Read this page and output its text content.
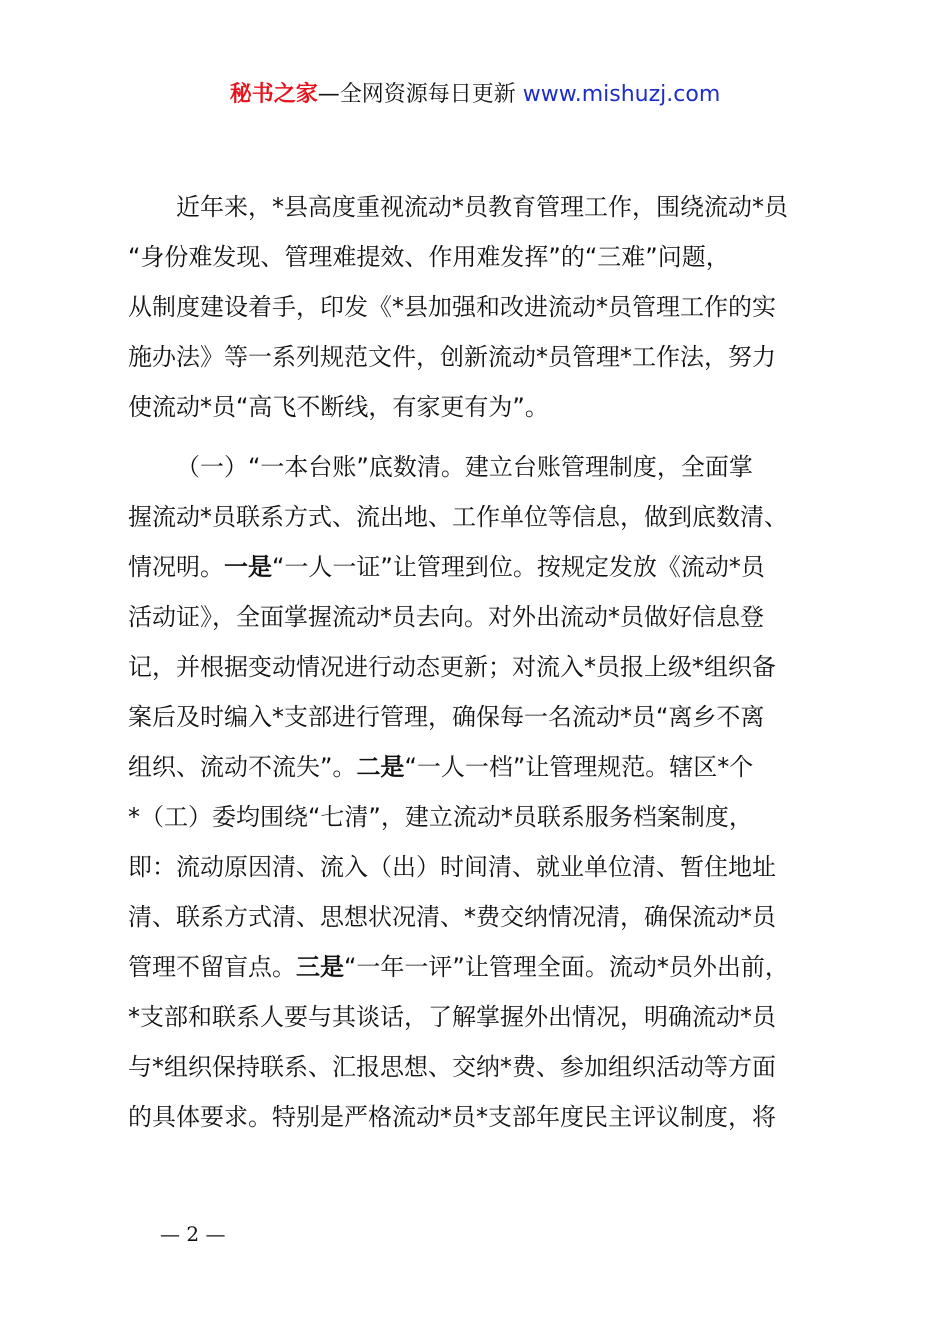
秘书之家—全网资源每日更新 www.mishuzj.com
近年来，*县高度重视流动*员教育管理工作，围绕流动*员
“身份难发现、管理难提效、作用难发挥”的“三难”问题，
从制度建设着手，印发《*县加强和改进流动*员管理工作的实
施办法》等一系列规范文件，创新流动*员管理*工作法，努力
使流动*员“高飞不断线，有家更有为”。
（一）“一本台账”底数清。建立台账管理制度，全面掌
握流动*员联系方式、流出地、工作单位等信息，做到底数清、
情况明。一是“一人一证”让管理到位。按规定发放《流动*员
活动证》，全面掌握流动*员去向。对外出流动*员做好信息登
记，并根据变动情况进行动态更新；对流入*员报上级*组织备
案后及时编入*支部进行管理，确保每一名流动*员“离乡不离
组织、流动不流失”。二是“一人一档”让管理规范。辖区*个
*（工）委均围绕“七清”，建立流动*员联系服务档案制度，
即：流动原因清、流入（出）时间清、就业单位清、暂住地址
清、联系方式清、思想状况清、*费交纳情况清，确保流动*员
管理不留盲点。三是“一年一评”让管理全面。流动*员外出前，
*支部和联系人要与其谈话，了解掌握外出情况，明确流动*员
与*组织保持联系、汇报思想、交纳*费、参加组织活动等方面
的具体要求。特别是严格流动*员*支部年度民主评议制度，将
— 2 —
